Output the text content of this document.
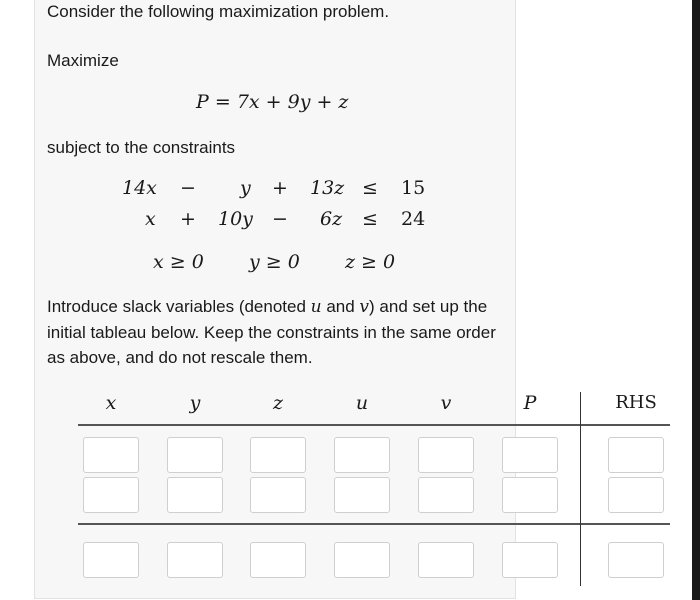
Consider the following maximization problem.
Maximize
P = 7x + 9y + z
subject to the constraints
14x − y + 13z ≤ 15
x + 10y − 6z ≤ 24
x ≥ 0 y ≥ 0 z ≥ 0
Introduce slack variables (denoted u and v) and set up the initial tableau below. Keep the constraints in the same order as above, and do not rescale them.
x	y	z	u	v	P	RHS
